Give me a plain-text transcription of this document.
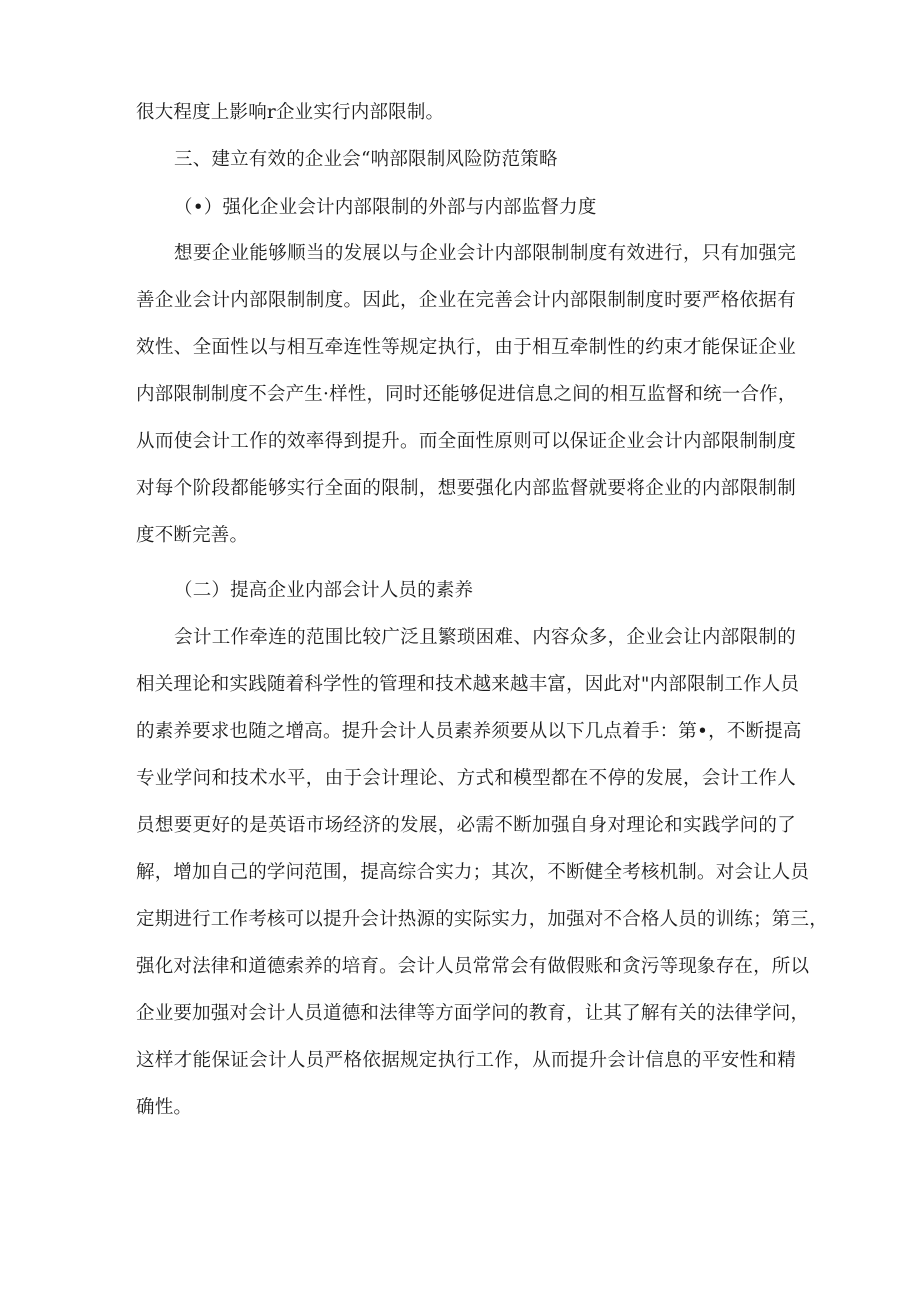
很大程度上影响r企业实行内部限制。
三、建立有效的企业会“呐部限制风险防范策略
（•）强化企业会计内部限制的外部与内部监督力度
想要企业能够顺当的发展以与企业会计内部限制制度有效进行，只有加强完
善企业会计内部限制制度。因此，企业在完善会计内部限制制度时要严格依据有
效性、全面性以与相互牵连性等规定执行，由于相互牵制性的约束才能保证企业
内部限制制度不会产生·样性，同时还能够促进信息之间的相互监督和统一合作，
从而使会计工作的效率得到提升。而全面性原则可以保证企业会计内部限制制度
对每个阶段都能够实行全面的限制，想要强化内部监督就要将企业的内部限制制
度不断完善。
（二）提高企业内部会计人员的素养
会计工作牵连的范围比较广泛且繁琐困难、内容众多，企业会让内部限制的
相关理论和实践随着科学性的管理和技术越来越丰富，因此对"内部限制工作人员
的素养要求也随之增高。提升会计人员素养须要从以下几点着手：第•，不断提高
专业学问和技术水平，由于会计理论、方式和模型都在不停的发展，会计工作人
员想要更好的是英语市场经济的发展，必需不断加强自身对理论和实践学问的了
解，增加自己的学问范围，提高综合实力；其次，不断健全考核机制。对会让人员
定期进行工作考核可以提升会计热源的实际实力，加强对不合格人员的训练；第三，
强化对法律和道德索养的培育。会计人员常常会有做假账和贪污等现象存在，所以
企业要加强对会计人员道德和法律等方面学问的教育，让其了解有关的法律学问，
这样才能保证会计人员严格依据规定执行工作，从而提升会计信息的平安性和精
确性。
